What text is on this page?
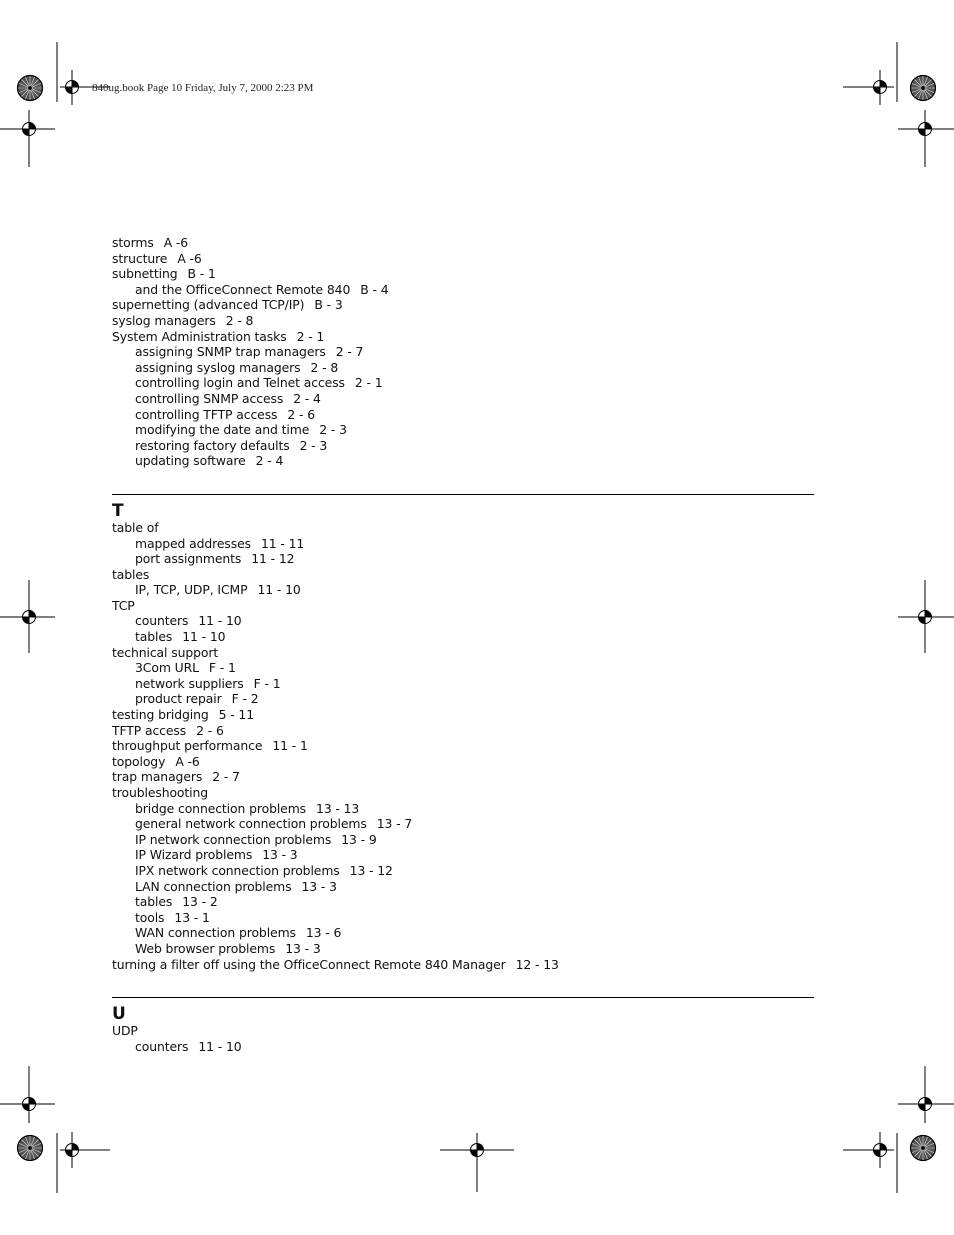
840ug.book Page 10 Friday, July 7, 2000 2:23 PM
storms A -6
structure A -6
subnetting B - 1
and the OfficeConnect Remote 840 B - 4
supernetting (advanced TCP/IP) B - 3
syslog managers 2 - 8
System Administration tasks 2 - 1
assigning SNMP trap managers 2 - 7
assigning syslog managers 2 - 8
controlling login and Telnet access 2 - 1
controlling SNMP access 2 - 4
controlling TFTP access 2 - 6
modifying the date and time 2 - 3
restoring factory defaults 2 - 3
updating software 2 - 4
T
table of
mapped addresses 11 - 11
port assignments 11 - 12
tables
IP, TCP, UDP, ICMP 11 - 10
TCP
counters 11 - 10
tables 11 - 10
technical support
3Com URL F - 1
network suppliers F - 1
product repair F - 2
testing bridging 5 - 11
TFTP access 2 - 6
throughput performance 11 - 1
topology A -6
trap managers 2 - 7
troubleshooting
bridge connection problems 13 - 13
general network connection problems 13 - 7
IP network connection problems 13 - 9
IP Wizard problems 13 - 3
IPX network connection problems 13 - 12
LAN connection problems 13 - 3
tables 13 - 2
tools 13 - 1
WAN connection problems 13 - 6
Web browser problems 13 - 3
turning a filter off using the OfficeConnect Remote 840 Manager 12 - 13
U
UDP
counters 11 - 10
